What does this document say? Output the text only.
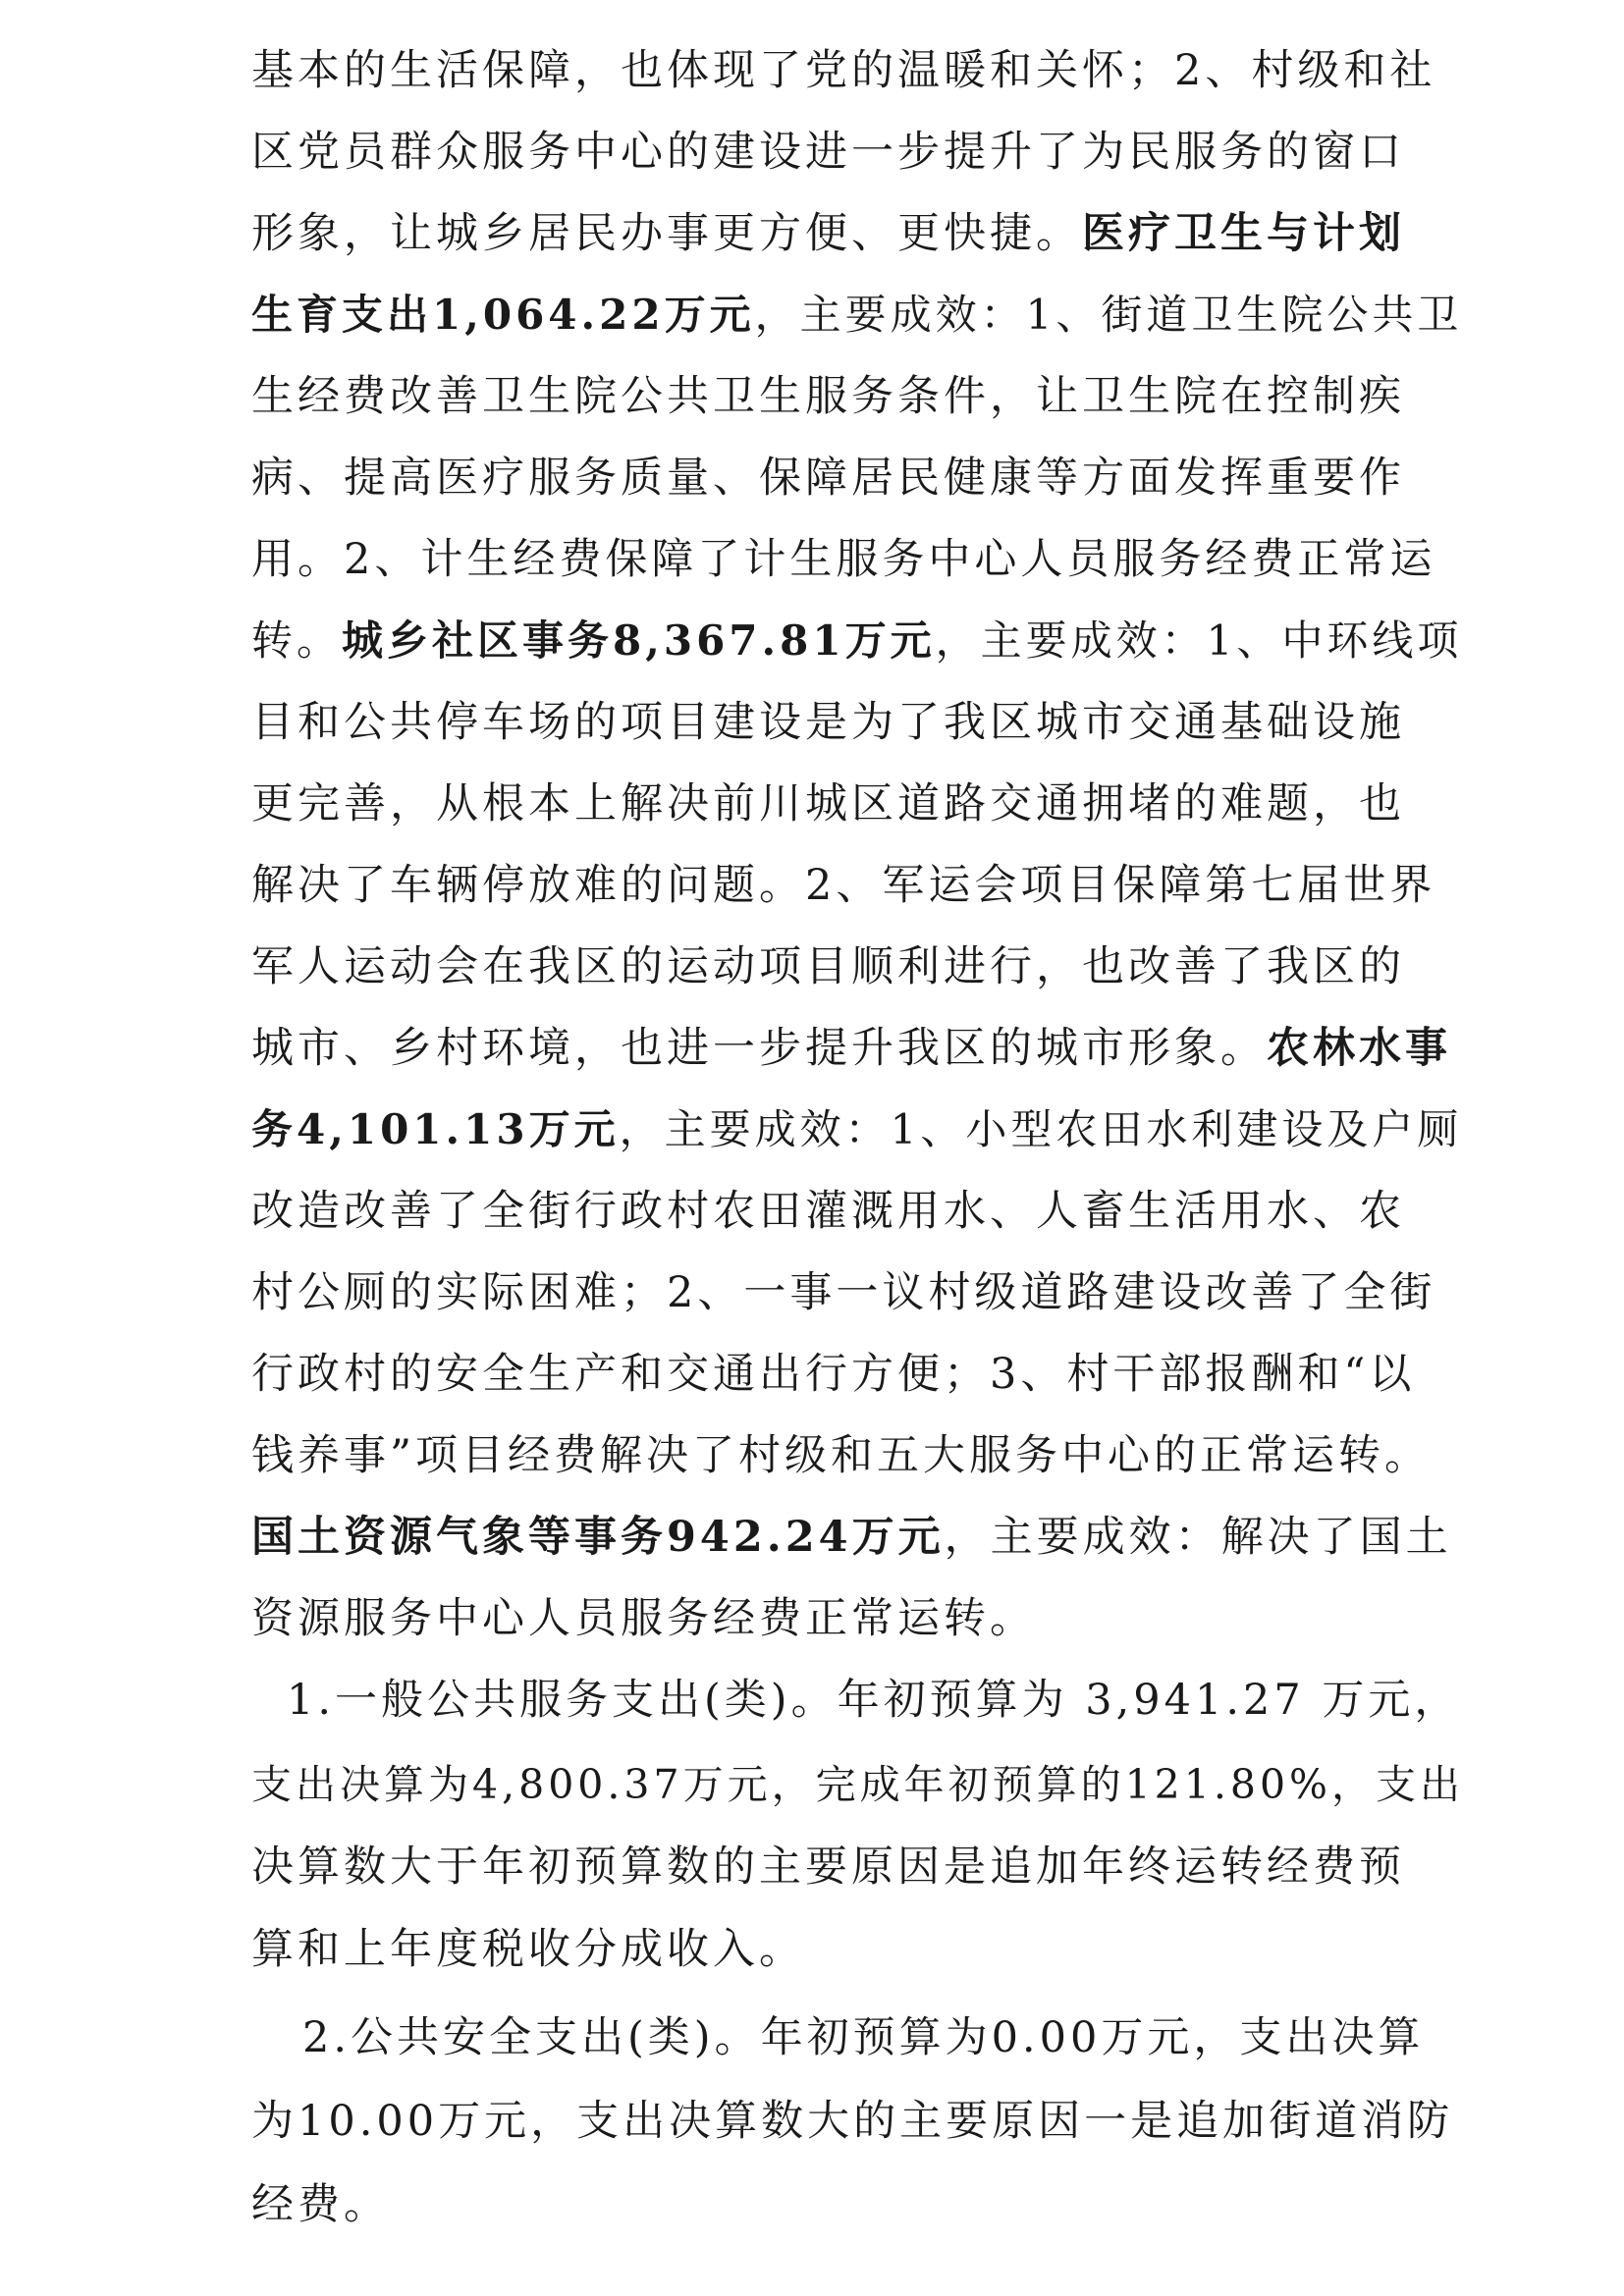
基本的生活保障，也体现了党的温暖和关怀；2、村级和社
区党员群众服务中心的建设进一步提升了为民服务的窗口
形象，让城乡居民办事更方便、更快捷。医疗卫生与计划
生育支出1,064.22万元，主要成效：1、街道卫生院公共卫
生经费改善卫生院公共卫生服务条件，让卫生院在控制疾
病、提高医疗服务质量、保障居民健康等方面发挥重要作
用。2、计生经费保障了计生服务中心人员服务经费正常运
转。城乡社区事务8,367.81万元，主要成效：1、中环线项
目和公共停车场的项目建设是为了我区城市交通基础设施
更完善，从根本上解决前川城区道路交通拥堵的难题，也
解决了车辆停放难的问题。2、军运会项目保障第七届世界
军人运动会在我区的运动项目顺利进行，也改善了我区的
城市、乡村环境，也进一步提升我区的城市形象。农林水事
务4,101.13万元，主要成效：1、小型农田水利建设及户厕
改造改善了全街行政村农田灌溉用水、人畜生活用水、农
村公厕的实际困难；2、一事一议村级道路建设改善了全街
行政村的安全生产和交通出行方便；3、村干部报酬和“以
钱养事”项目经费解决了村级和五大服务中心的正常运转。
国土资源气象等事务942.24万元，主要成效：解决了国土
资源服务中心人员服务经费正常运转。
1.一般公共服务支出(类)。年初预算为 3,941.27 万元，
支出决算为4,800.37万元，完成年初预算的121.80%，支出
决算数大于年初预算数的主要原因是追加年终运转经费预
算和上年度税收分成收入。
2.公共安全支出(类)。年初预算为0.00万元，支出决算
为10.00万元，支出决算数大的主要原因一是追加街道消防
经费。
